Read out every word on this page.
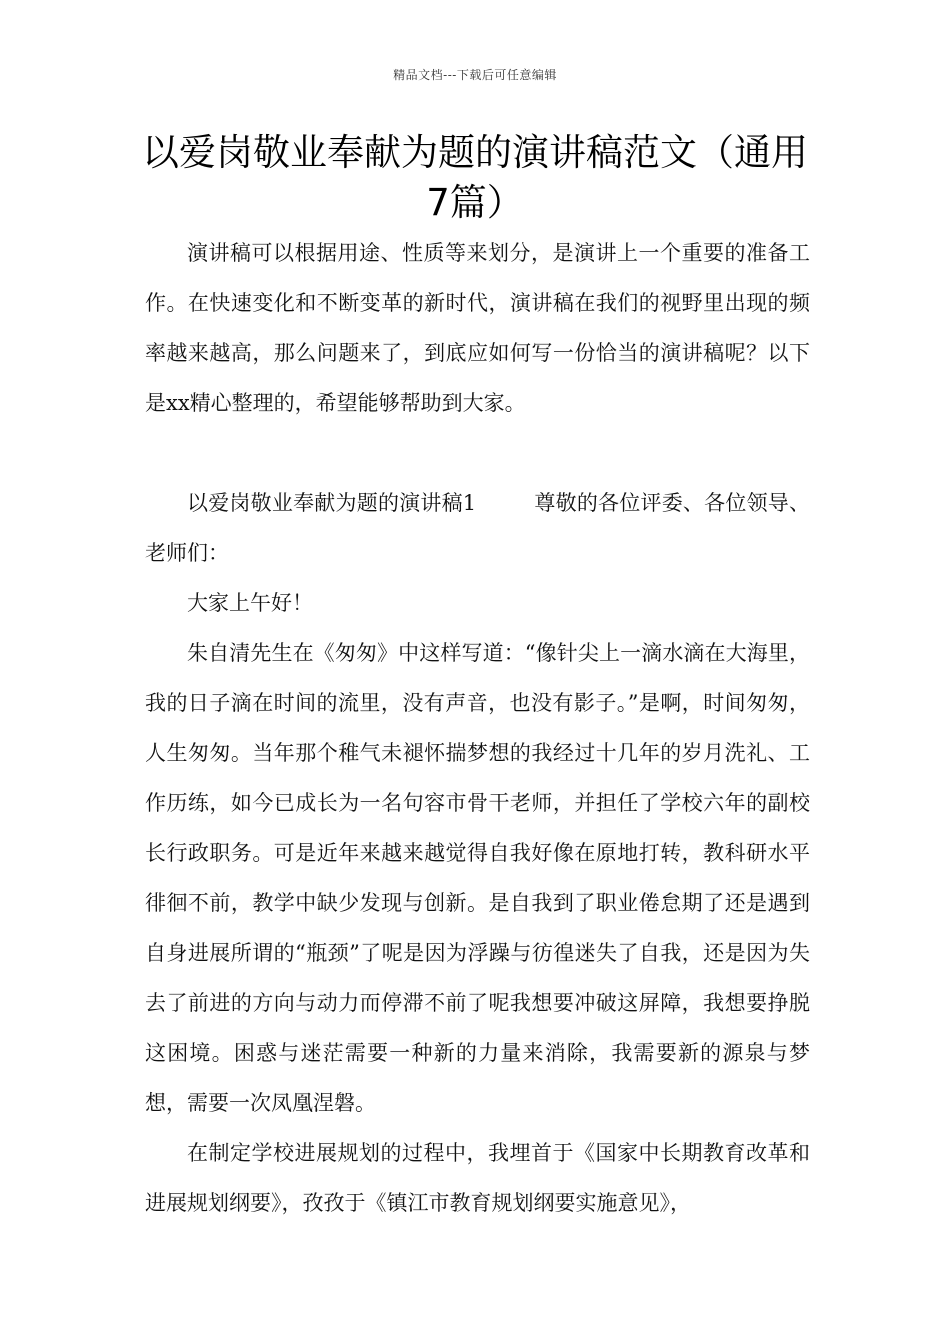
精品文档---下载后可任意编辑
以爱岗敬业奉献为题的演讲稿范文（通用7篇）

演讲稿可以根据用途、性质等来划分，是演讲上一个重要的准备工作。在快速变化和不断变革的新时代，演讲稿在我们的视野里出现的频率越来越高，那么问题来了，到底应如何写一份恰当的演讲稿呢？以下是xx精心整理的，希望能够帮助到大家。

以爱岗敬业奉献为题的演讲稿1	尊敬的各位评委、各位领导、老师们：

大家上午好！

朱自清先生在《匆匆》中这样写道：“像针尖上一滴水滴在大海里，我的日子滴在时间的流里，没有声音，也没有影子。”是啊，时间匆匆，人生匆匆。当年那个稚气未褪怀揣梦想的我经过十几年的岁月洗礼、工作历练，如今已成长为一名句容市骨干老师，并担任了学校六年的副校长行政职务。可是近年来越来越觉得自我好像在原地打转，教科研水平徘徊不前，教学中缺少发现与创新。是自我到了职业倦怠期了还是遇到自身进展所谓的“瓶颈”了呢是因为浮躁与彷徨迷失了自我，还是因为失去了前进的方向与动力而停滞不前了呢我想要冲破这屏障，我想要挣脱这困境。困惑与迷茫需要一种新的力量来消除，我需要新的源泉与梦想，需要一次凤凰涅磐。

在制定学校进展规划的过程中，我埋首于《国家中长期教育改革和进展规划纲要》，孜孜于《镇江市教育规划纲要实施意见》，
